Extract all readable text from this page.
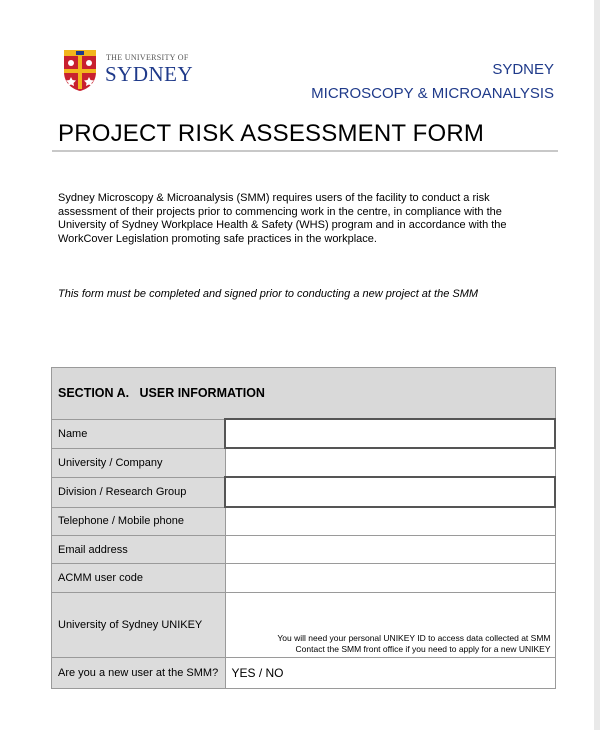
THE UNIVERSITY OF
SYDNEY	SYDNEY
MICROSCOPY & MICROANALYSIS
PROJECT RISK ASSESSMENT FORM
Sydney Microscopy & Microanalysis (SMM) requires users of the facility to conduct a risk assessment of their projects prior to commencing work in the centre, in compliance with the University of Sydney Workplace Health & Safety (WHS) program and in accordance with the WorkCover Legislation promoting safe practices in the workplace.
This form must be completed and signed prior to conducting a new project at the SMM
SECTION A.   USER INFORMATION	
Name	
University / Company	
Division / Research Group	
Telephone / Mobile phone	
Email address	
ACMM user code	
University of Sydney UNIKEY	You will need your personal UNIKEY ID to access data collected at SMM
Contact the SMM front office if you need to apply for a new UNIKEY

Are you a new user at the SMM?	YES / NO
